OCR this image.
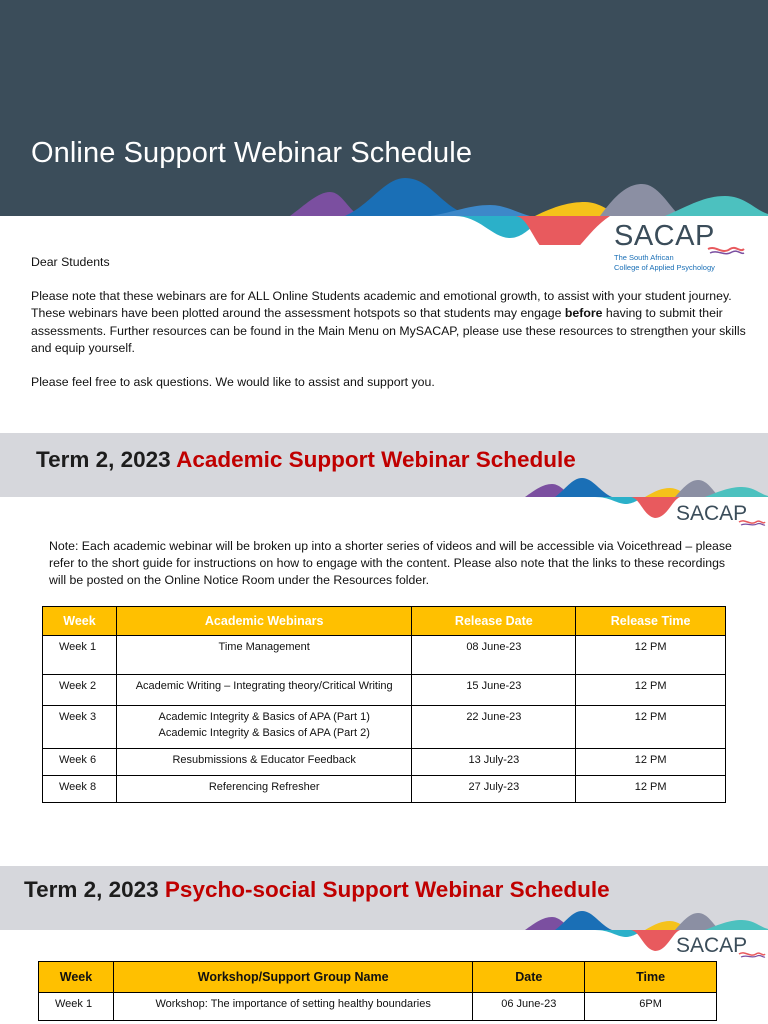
Online Support Webinar Schedule
SACAP
The South African
College of Applied Psychology

Dear Students

Please note that these webinars are for ALL Online Students academic and emotional growth, to assist with your student journey. These webinars have been plotted around the assessment hotspots so that students may engage before having to submit their assessments. Further resources can be found in the Main Menu on MySACAP, please use these resources to strengthen your skills and equip yourself.

Please feel free to ask questions. We would like to assist and support you.

Term 2, 2023 Academic Support Webinar Schedule
SACAP
Note: Each academic webinar will be broken up into a shorter series of videos and will be accessible via Voicethread – please refer to the short guide for instructions on how to engage with the content. Please also note that the links to these recordings will be posted on the Online Notice Room under the Resources folder.
Week	Academic Webinars	Release Date	Release Time
Week 1	Time Management	08 June-23	12 PM
Week 2	Academic Writing – Integrating theory/Critical Writing	15 June-23	12 PM
Week 3	Academic Integrity & Basics of APA (Part 1)
Academic Integrity & Basics of APA (Part 2)	22 June-23	12 PM
Week 6	Resubmissions & Educator Feedback	13 July-23	12 PM
Week 8	Referencing Refresher	27 July-23	12 PM
Term 2, 2023 Psycho-social Support Webinar Schedule
SACAP
Week	Workshop/Support Group Name	Date	Time
Week 1	Workshop: The importance of setting healthy boundaries	06 June-23	6PM
